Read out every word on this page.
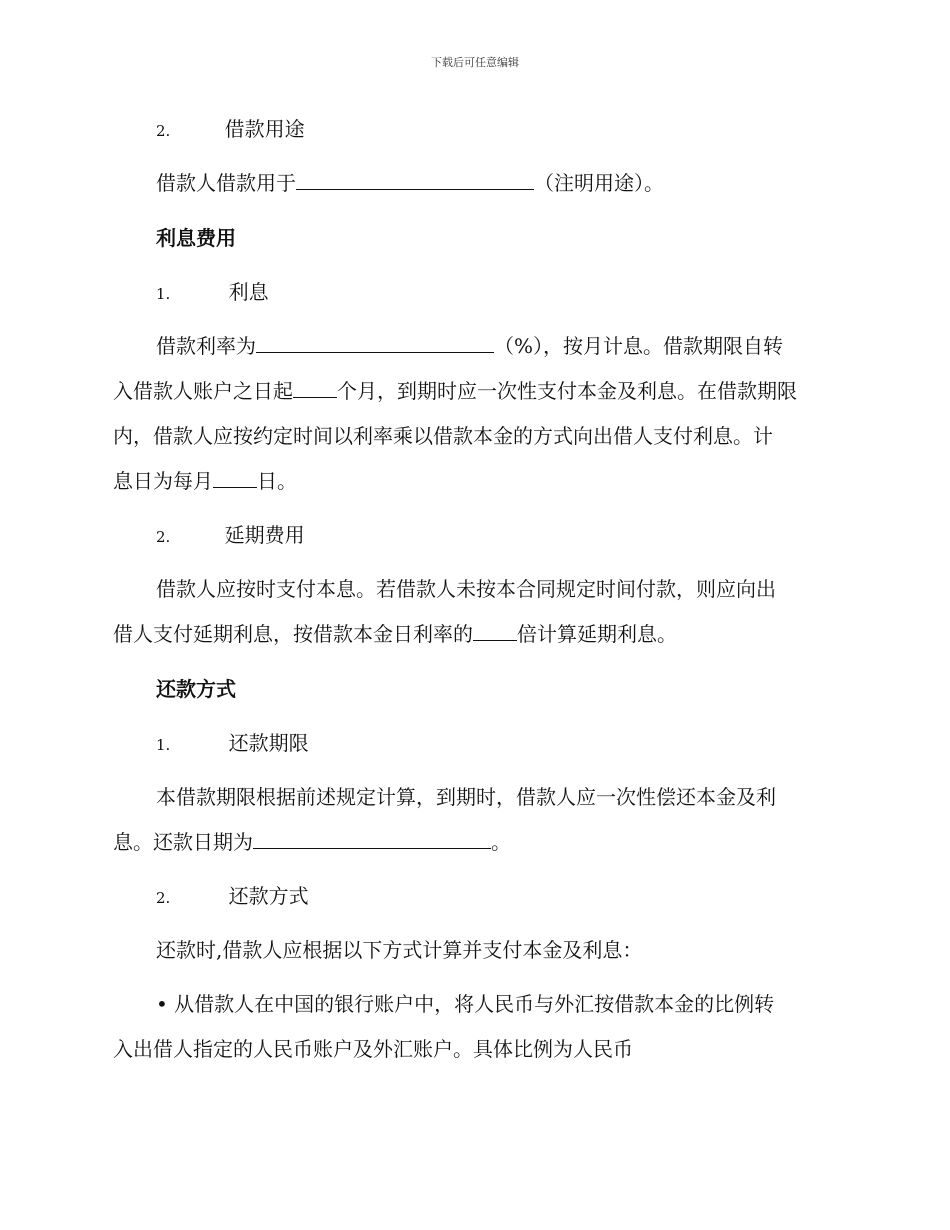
下载后可任意编辑
2.	借款用途
借款人借款用于	（注明用途）。
利息费用
1.	利息
借款利率为	（%），按月计息。借款期限自转
入借款人账户之日起 个月，到期时应一次性支付本金及利息。在借款期限
内，借款人应按约定时间以利率乘以借款本金的方式向出借人支付利息。计
息日为每月 日。
2.	延期费用
借款人应按时支付本息。若借款人未按本合同规定时间付款，则应向出
借人支付延期利息，按借款本金日利率的 倍计算延期利息。
还款方式
1.	还款期限
本借款期限根据前述规定计算，到期时，借款人应一次性偿还本金及利
息。还款日期为	。
2.	还款方式
还款时,借款人应根据以下方式计算并支付本金及利息：
• 从借款人在中国的银行账户中，将人民币与外汇按借款本金的比例转
入出借人指定的人民币账户及外汇账户。具体比例为人民币
